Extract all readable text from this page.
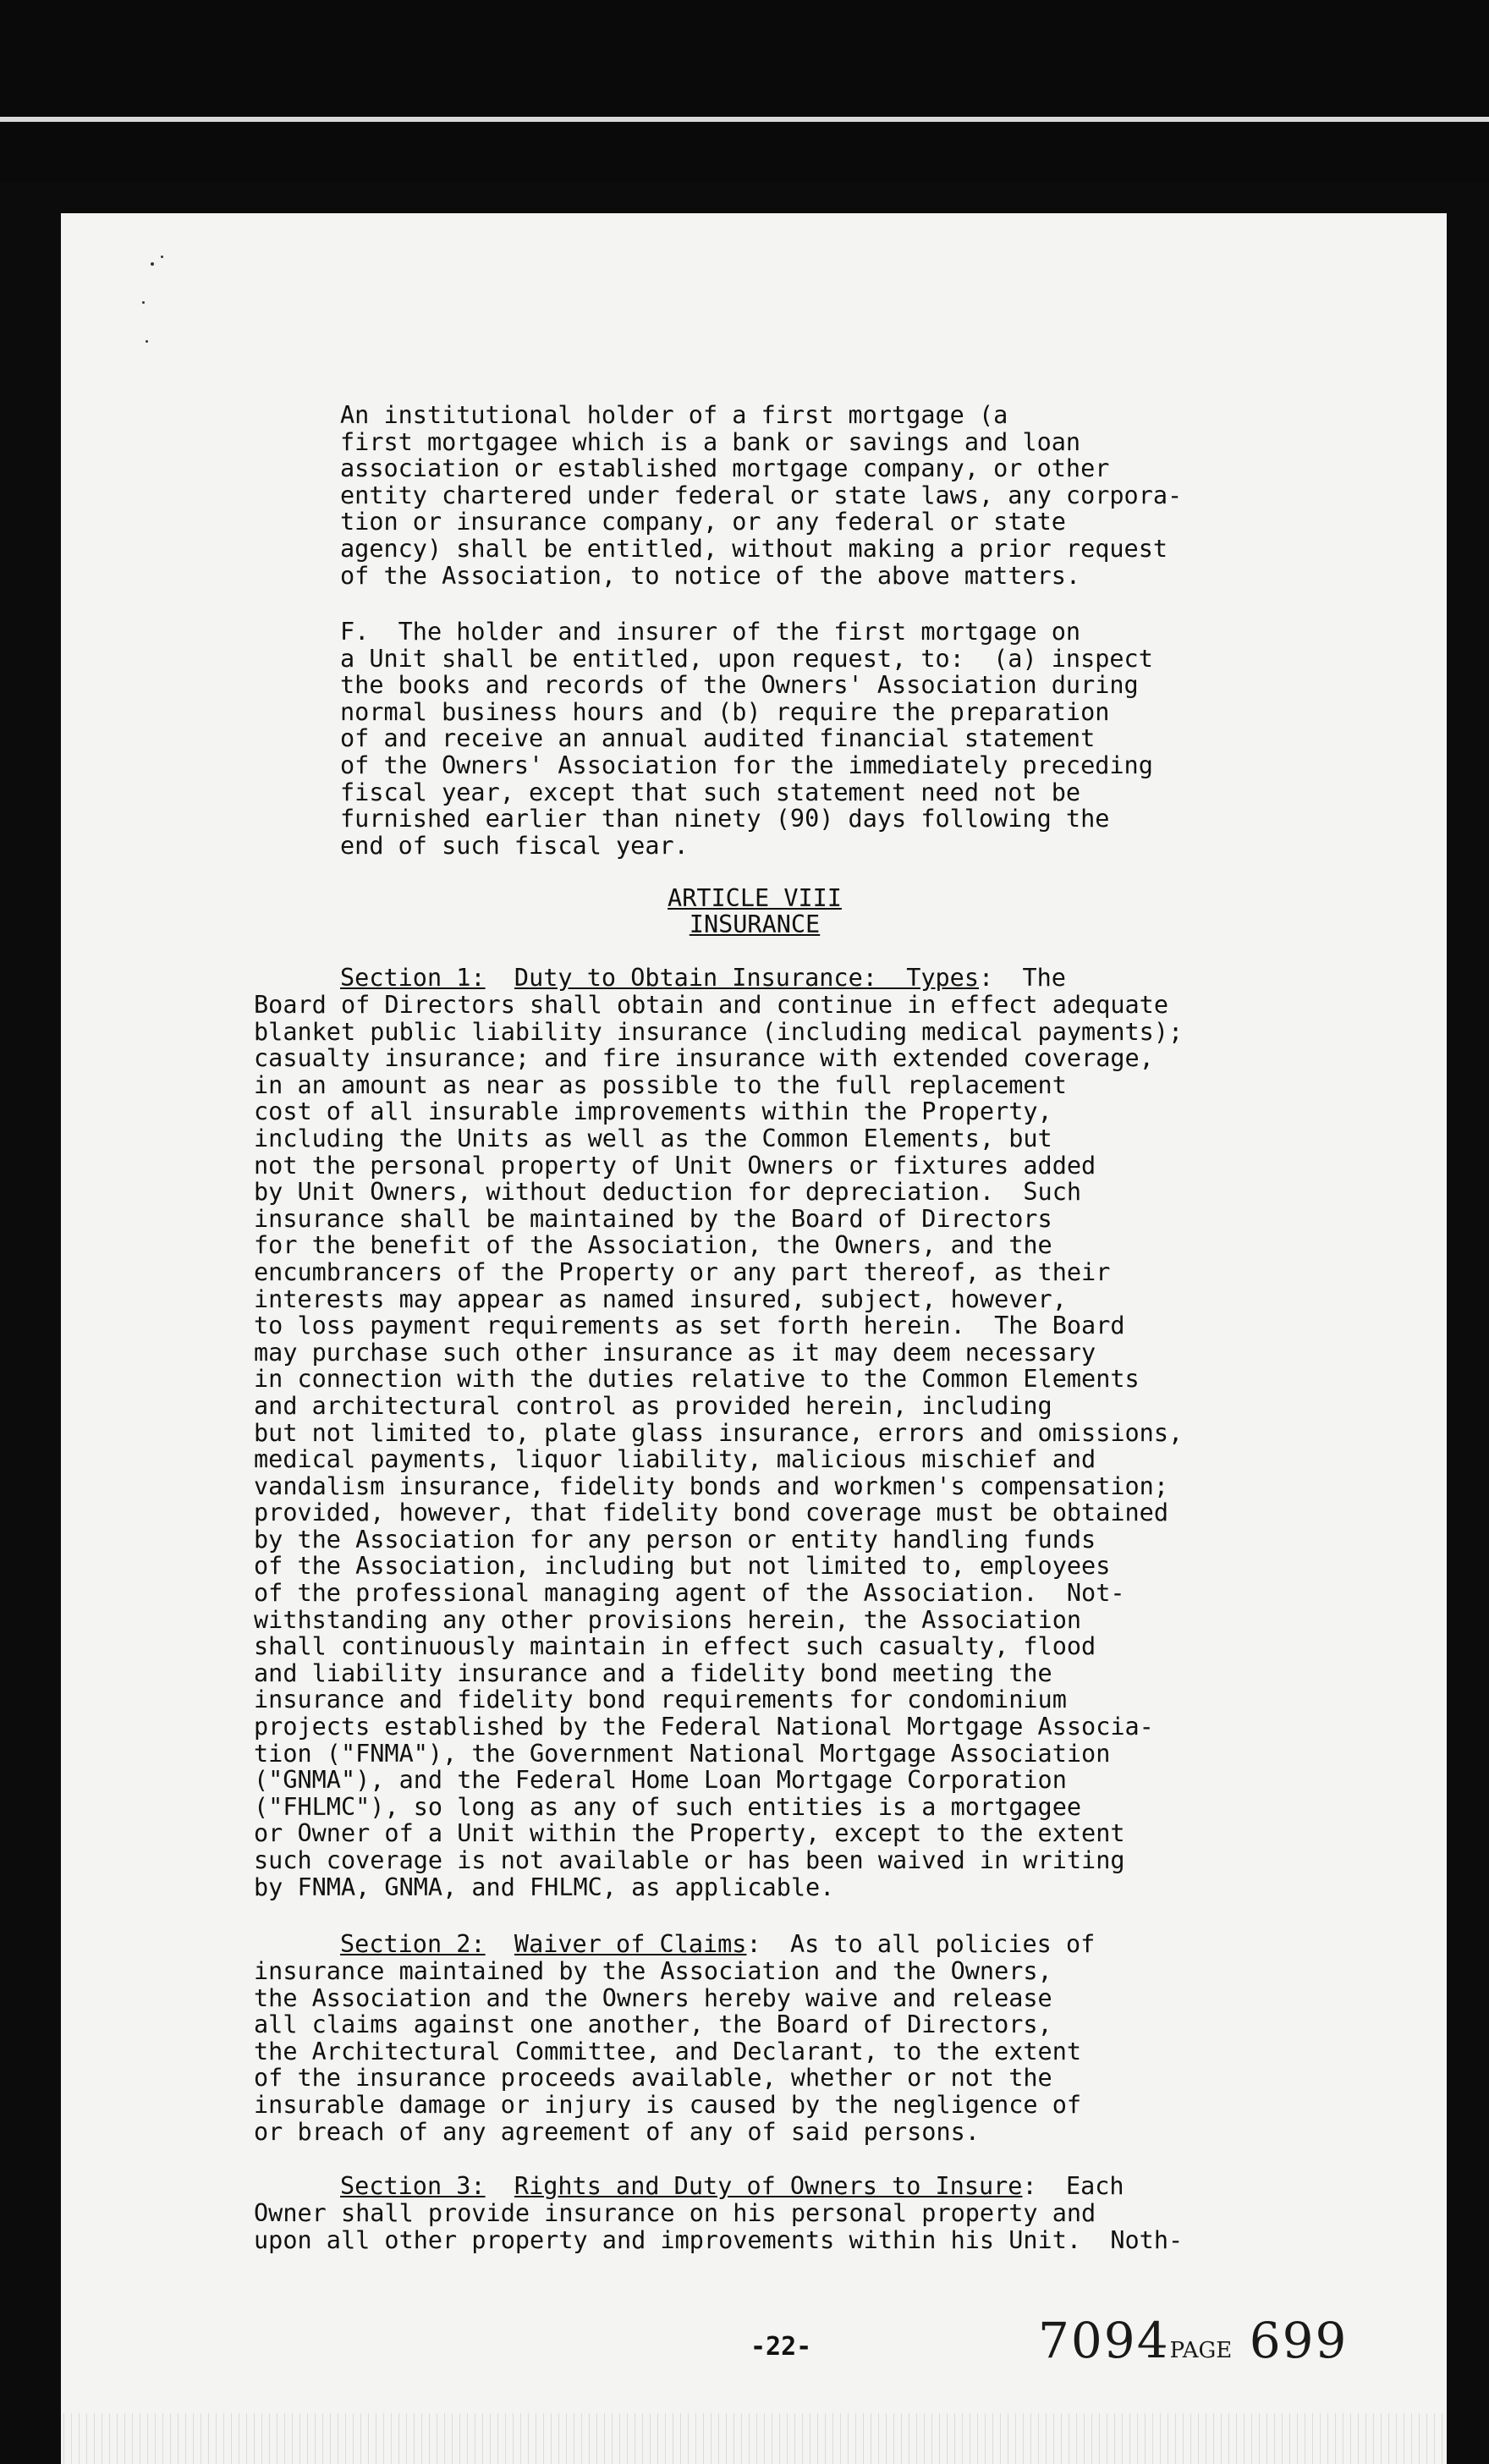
An institutional holder of a first mortgage (a
first mortgagee which is a bank or savings and loan
association or established mortgage company, or other
entity chartered under federal or state laws, any corpora-
tion or insurance company, or any federal or state
agency) shall be entitled, without making a prior request
of the Association, to notice of the above matters.

F.  The holder and insurer of the first mortgage on
a Unit shall be entitled, upon request, to:  (a) inspect
the books and records of the Owners' Association during
normal business hours and (b) require the preparation
of and receive an annual audited financial statement
of the Owners' Association for the immediately preceding
fiscal year, except that such statement need not be
furnished earlier than ninety (90) days following the
end of such fiscal year.

ARTICLE VIII
INSURANCE

Section 1: Duty to Obtain Insurance:  Types:  The

Board of Directors shall obtain and continue in effect adequate
blanket public liability insurance (including medical payments);
casualty insurance; and fire insurance with extended coverage,
in an amount as near as possible to the full replacement
cost of all insurable improvements within the Property,
including the Units as well as the Common Elements, but
not the personal property of Unit Owners or fixtures added
by Unit Owners, without deduction for depreciation.  Such
insurance shall be maintained by the Board of Directors
for the benefit of the Association, the Owners, and the
encumbrancers of the Property or any part thereof, as their
interests may appear as named insured, subject, however,
to loss payment requirements as set forth herein.  The Board
may purchase such other insurance as it may deem necessary
in connection with the duties relative to the Common Elements
and architectural control as provided herein, including
but not limited to, plate glass insurance, errors and omissions,
medical payments, liquor liability, malicious mischief and
vandalism insurance, fidelity bonds and workmen's compensation;
provided, however, that fidelity bond coverage must be obtained
by the Association for any person or entity handling funds
of the Association, including but not limited to, employees
of the professional managing agent of the Association.  Not-
withstanding any other provisions herein, the Association
shall continuously maintain in effect such casualty, flood
and liability insurance and a fidelity bond meeting the
insurance and fidelity bond requirements for condominium
projects established by the Federal National Mortgage Associa-
tion ("FNMA"), the Government National Mortgage Association
("GNMA"), and the Federal Home Loan Mortgage Corporation
("FHLMC"), so long as any of such entities is a mortgagee
or Owner of a Unit within the Property, except to the extent
such coverage is not available or has been waived in writing
by FNMA, GNMA, and FHLMC, as applicable.

Section 2: Waiver of Claims:  As to all policies of

insurance maintained by the Association and the Owners,
the Association and the Owners hereby waive and release
all claims against one another, the Board of Directors,
the Architectural Committee, and Declarant, to the extent
of the insurance proceeds available, whether or not the
insurable damage or injury is caused by the negligence of
or breach of any agreement of any of said persons.

Section 3: Rights and Duty of Owners to Insure:  Each

Owner shall provide insurance on his personal property and
upon all other property and improvements within his Unit.  Noth-

-22-	7094PAGE 699
